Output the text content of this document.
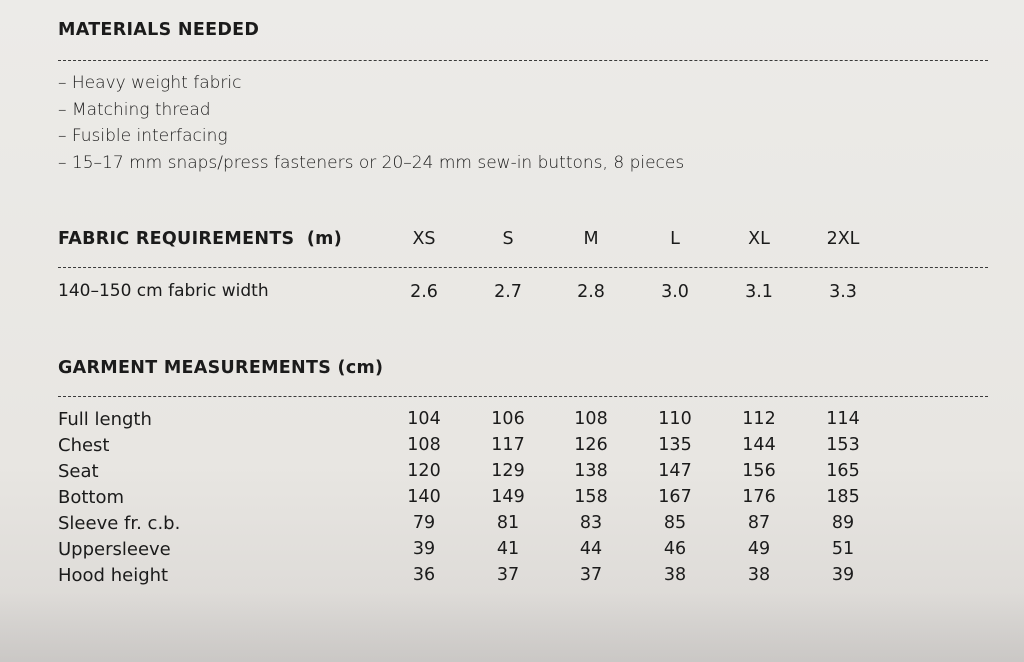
MATERIALS NEEDED
– Heavy weight fabric
– Matching thread
– Fusible interfacing
– 15–17 mm snaps/press fasteners or 20–24 mm sew-in buttons, 8 pieces
FABRIC REQUIREMENTS (m)	XS	S	M	L	XL	2XL
140–150 cm fabric width	2.6	2.7	2.8	3.0	3.1	3.3
GARMENT MEASUREMENTS (cm)
Full length	104	106	108	110	112	114
Chest	108	117	126	135	144	153
Seat	120	129	138	147	156	165
Bottom	140	149	158	167	176	185
Sleeve fr. c.b.	79	81	83	85	87	89
Uppersleeve	39	41	44	46	49	51
Hood height	36	37	37	38	38	39
